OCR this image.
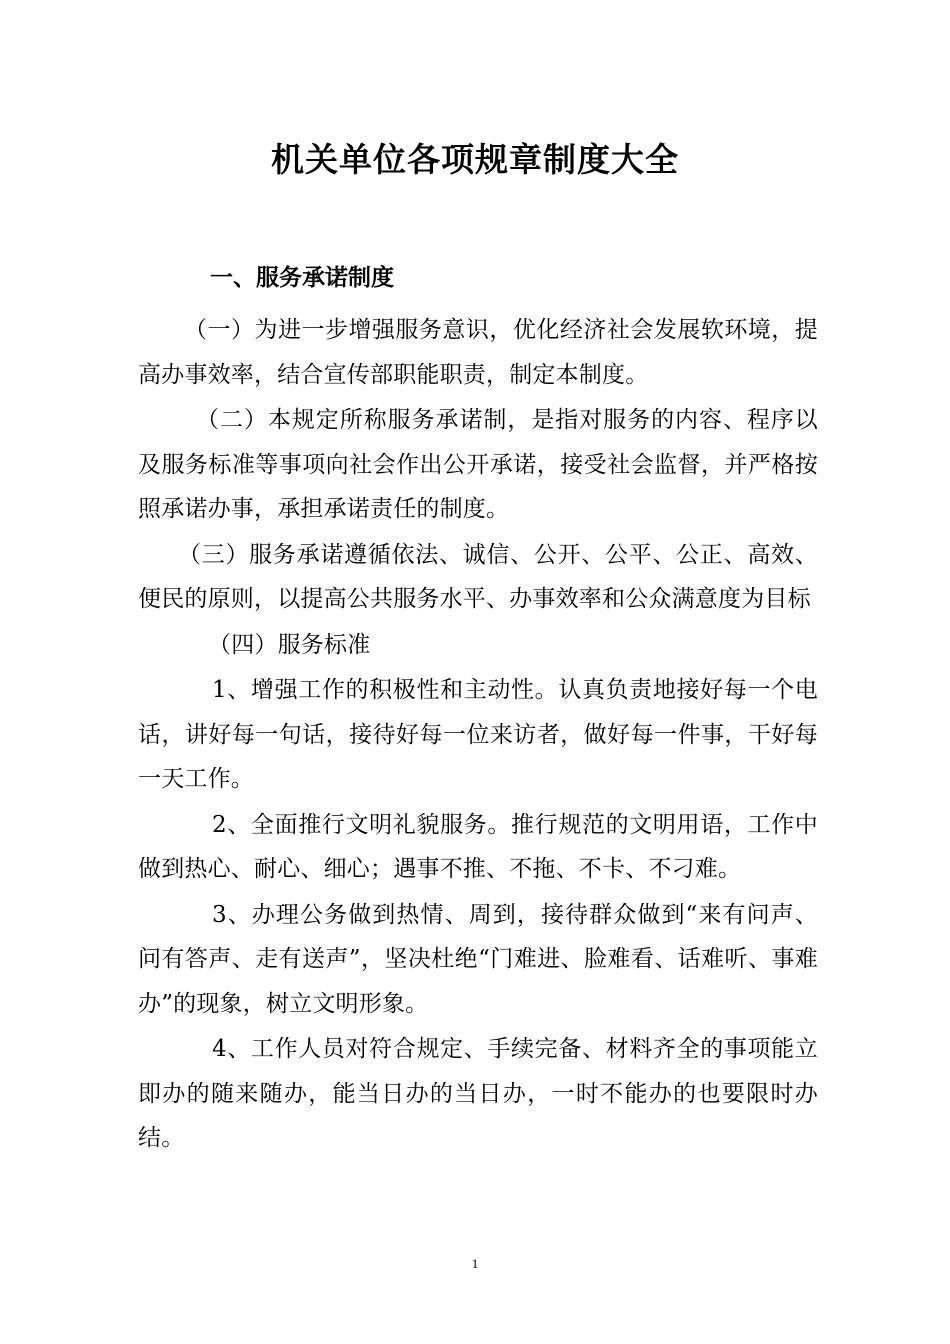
机关单位各项规章制度大全
一、服务承诺制度

（一）为进一步增强服务意识，优化经济社会发展软环境，提高办事效率，结合宣传部职能职责，制定本制度。

（二）本规定所称服务承诺制，是指对服务的内容、程序以及服务标准等事项向社会作出公开承诺，接受社会监督，并严格按照承诺办事，承担承诺责任的制度。

（三）服务承诺遵循依法、诚信、公开、公平、公正、高效、便民的原则，以提高公共服务水平、办事效率和公众满意度为目标

（四）服务标准

1、增强工作的积极性和主动性。认真负责地接好每一个电话，讲好每一句话，接待好每一位来访者，做好每一件事，干好每一天工作。

2、全面推行文明礼貌服务。推行规范的文明用语，工作中做到热心、耐心、细心；遇事不推、不拖、不卡、不刁难。

3、办理公务做到热情、周到，接待群众做到“来有问声、问有答声、走有送声”，坚决杜绝“门难进、脸难看、话难听、事难办”的现象，树立文明形象。

4、工作人员对符合规定、手续完备、材料齐全的事项能立即办的随来随办，能当日办的当日办，一时不能办的也要限时办结。

1
